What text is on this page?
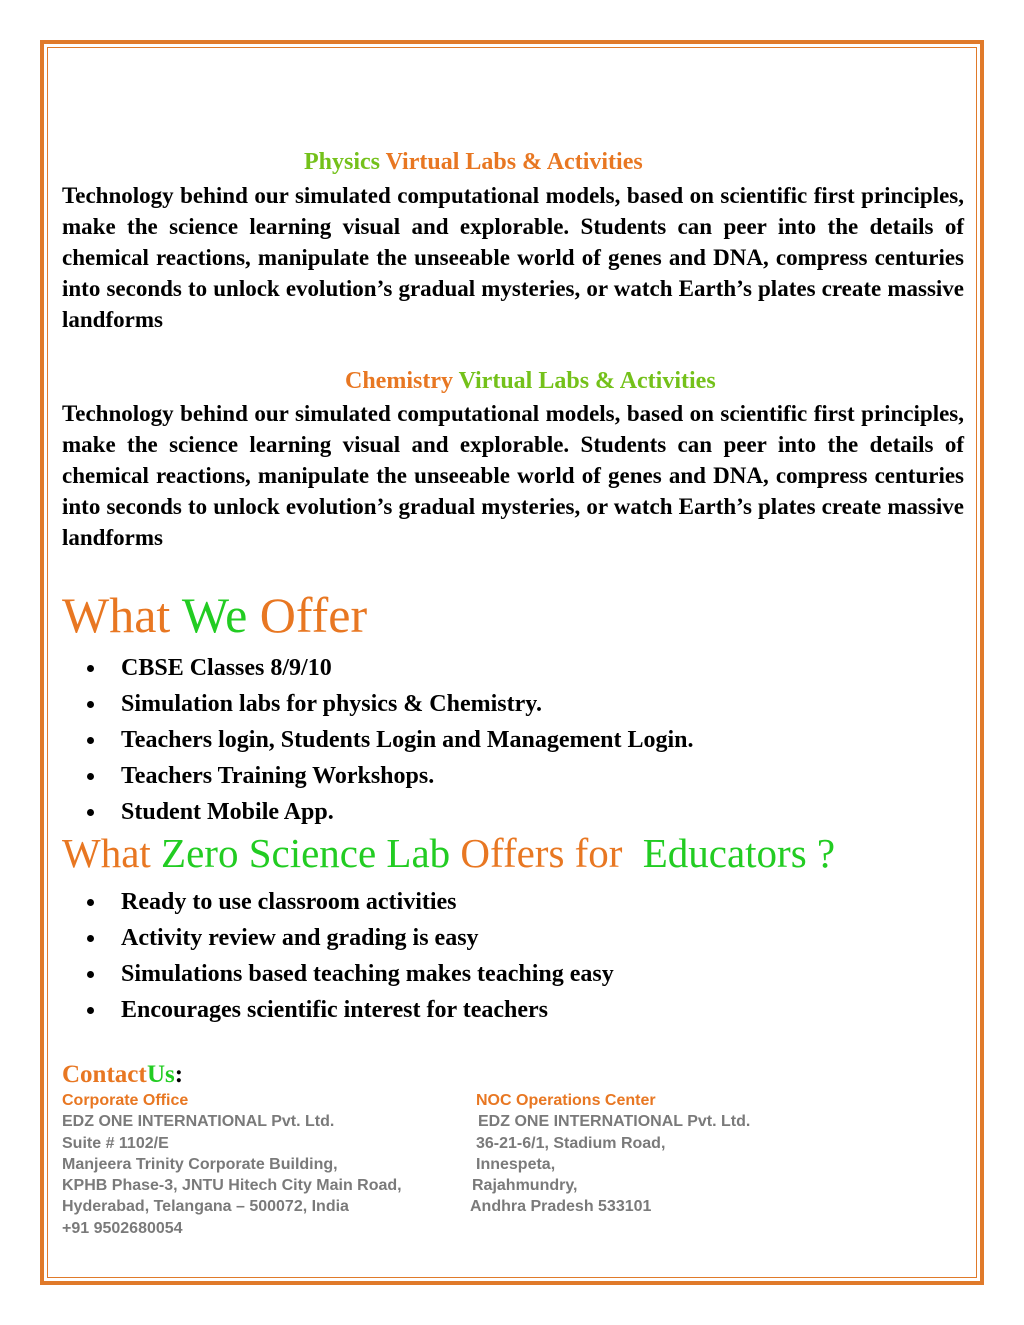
Physics Virtual Labs & Activities
Technology behind our simulated computational models, based on scientific first principles, make the science learning visual and explorable. Students can peer into the details of chemical reactions, manipulate the unseeable world of genes and DNA, compress centuries into seconds to unlock evolution’s gradual mysteries, or watch Earth’s plates create massive landforms
Chemistry Virtual Labs & Activities
Technology behind our simulated computational models, based on scientific first principles, make the science learning visual and explorable. Students can peer into the details of chemical reactions, manipulate the unseeable world of genes and DNA, compress centuries into seconds to unlock evolution’s gradual mysteries, or watch Earth’s plates create massive landforms
What We Offer
CBSE Classes 8/9/10
Simulation labs for physics & Chemistry.
Teachers login, Students Login and Management Login.
Teachers Training Workshops.
Student Mobile App.
What Zero Science Lab Offers for Educators ?
Ready to use classroom activities
Activity review and grading is easy
Simulations based teaching makes teaching easy
Encourages scientific interest for teachers
Contact Us:
Corporate Office
EDZ ONE INTERNATIONAL Pvt. Ltd.
Suite # 1102/E
Manjeera Trinity Corporate Building,
KPHB Phase-3, JNTU Hitech City Main Road,
Hyderabad, Telangana – 500072, India
+91 9502680054
NOC Operations Center
EDZ ONE INTERNATIONAL Pvt. Ltd.
36-21-6/1, Stadium Road,
Innespeta,
Rajahmundry,
Andhra Pradesh 533101
